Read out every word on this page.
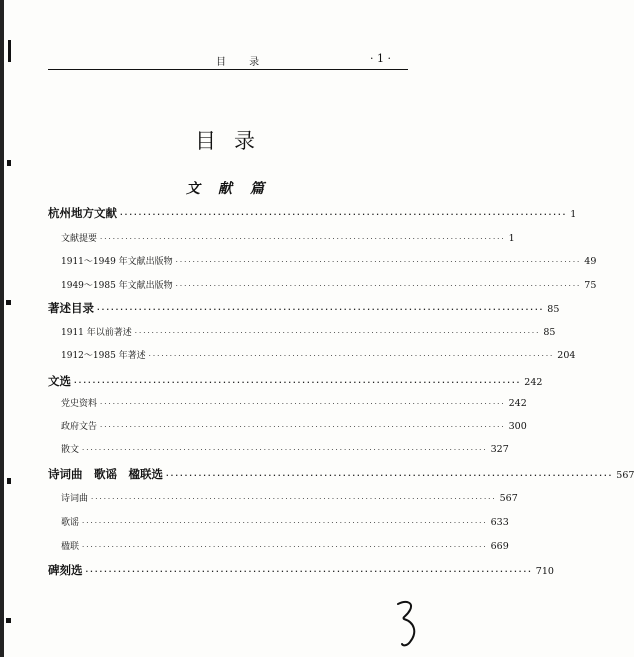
目 录	· 1 ·
目录
文献篇
杭州地方文献 ································································································ 1
文献提要 ································································································ 1
1911～1949 年文献出版物 ································································································ 49
1949～1985 年文献出版物 ································································································ 75
著述目录 ································································································ 85
1911 年以前著述 ································································································ 85
1912～1985 年著述 ································································································ 204
文选 ································································································ 242
党史资料 ································································································ 242
政府文告 ································································································ 300
散文 ································································································ 327
诗词曲　歌谣　楹联选 ································································································ 567
诗词曲 ································································································ 567
歌谣 ································································································ 633
楹联 ································································································ 669
碑刻选 ································································································ 710
